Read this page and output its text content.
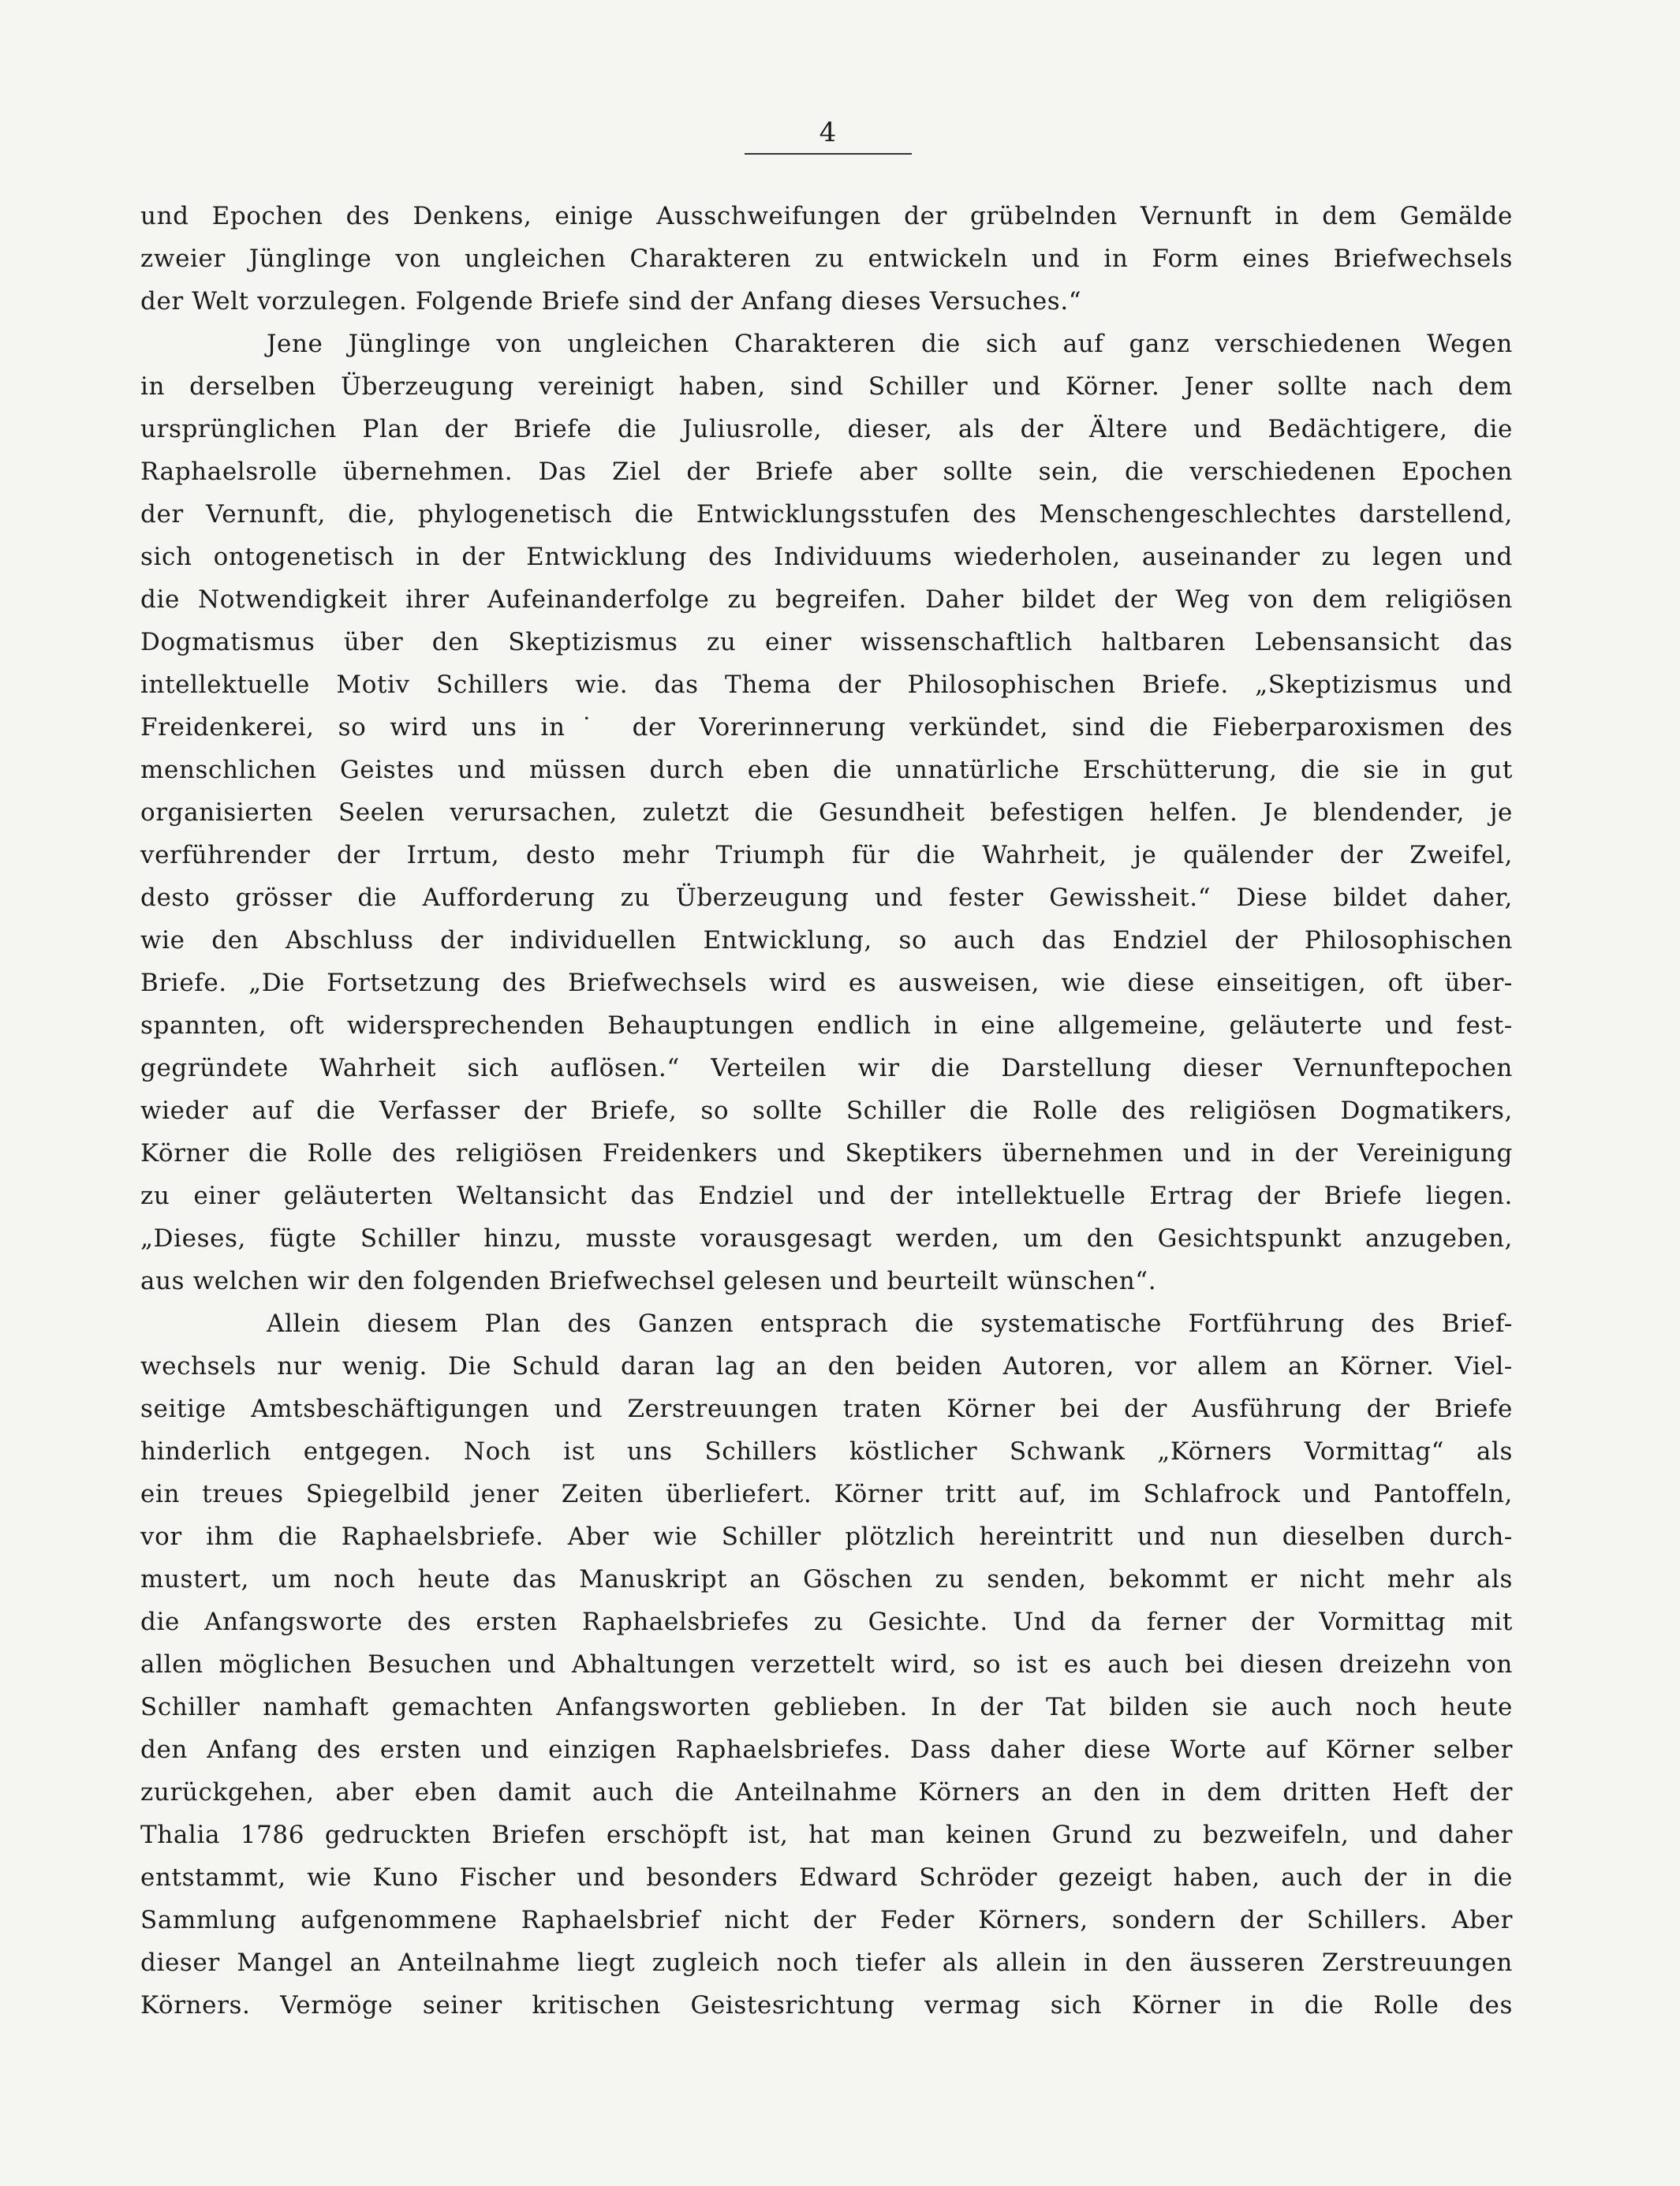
4
und Epochen des Denkens, einige Ausschweifungen der grübelnden Vernunft in dem Gemälde
zweier Jünglinge von ungleichen Charakteren zu entwickeln und in Form eines Briefwechsels
der Welt vorzulegen. Folgende Briefe sind der Anfang dieses Versuches.“
Jene Jünglinge von ungleichen Charakteren die sich auf ganz verschiedenen Wegen
in derselben Überzeugung vereinigt haben, sind Schiller und Körner. Jener sollte nach dem
ursprünglichen Plan der Briefe die Juliusrolle, dieser, als der Ältere und Bedächtigere, die
Raphaelsrolle übernehmen. Das Ziel der Briefe aber sollte sein, die verschiedenen Epochen
der Vernunft, die, phylogenetisch die Entwicklungsstufen des Menschengeschlechtes darstellend,
sich ontogenetisch in der Entwicklung des Individuums wiederholen, auseinander zu legen und
die Notwendigkeit ihrer Aufeinanderfolge zu begreifen. Daher bildet der Weg von dem religiösen
Dogmatismus über den Skeptizismus zu einer wissenschaftlich haltbaren Lebensansicht das
intellektuelle Motiv Schillers wie. das Thema der Philosophischen Briefe. „Skeptizismus und
Freidenkerei, so wird uns in˙ der Vorerinnerung verkündet, sind die Fieberparoxismen des
menschlichen Geistes und müssen durch eben die unnatürliche Erschütterung, die sie in gut
organisierten Seelen verursachen, zuletzt die Gesundheit befestigen helfen. Je blendender, je
verführender der Irrtum, desto mehr Triumph für die Wahrheit, je quälender der Zweifel,
desto grösser die Aufforderung zu Überzeugung und fester Gewissheit.“ Diese bildet daher,
wie den Abschluss der individuellen Entwicklung, so auch das Endziel der Philosophischen
Briefe. „Die Fortsetzung des Briefwechsels wird es ausweisen, wie diese einseitigen, oft über-
spannten, oft widersprechenden Behauptungen endlich in eine allgemeine, geläuterte und fest-
gegründete Wahrheit sich auflösen.“ Verteilen wir die Darstellung dieser Vernunftepochen
wieder auf die Verfasser der Briefe, so sollte Schiller die Rolle des religiösen Dogmatikers,
Körner die Rolle des religiösen Freidenkers und Skeptikers übernehmen und in der Vereinigung
zu einer geläuterten Weltansicht das Endziel und der intellektuelle Ertrag der Briefe liegen.
„Dieses, fügte Schiller hinzu, musste vorausgesagt werden, um den Gesichtspunkt anzugeben,
aus welchen wir den folgenden Briefwechsel gelesen und beurteilt wünschen“.
Allein diesem Plan des Ganzen entsprach die systematische Fortführung des Brief-
wechsels nur wenig. Die Schuld daran lag an den beiden Autoren, vor allem an Körner. Viel-
seitige Amtsbeschäftigungen und Zerstreuungen traten Körner bei der Ausführung der Briefe
hinderlich entgegen. Noch ist uns Schillers köstlicher Schwank „Körners Vormittag“ als
ein treues Spiegelbild jener Zeiten überliefert. Körner tritt auf, im Schlafrock und Pantoffeln,
vor ihm die Raphaelsbriefe. Aber wie Schiller plötzlich hereintritt und nun dieselben durch-
mustert, um noch heute das Manuskript an Göschen zu senden, bekommt er nicht mehr als
die Anfangsworte des ersten Raphaelsbriefes zu Gesichte. Und da ferner der Vormittag mit
allen möglichen Besuchen und Abhaltungen verzettelt wird, so ist es auch bei diesen dreizehn von
Schiller namhaft gemachten Anfangsworten geblieben. In der Tat bilden sie auch noch heute
den Anfang des ersten und einzigen Raphaelsbriefes. Dass daher diese Worte auf Körner selber
zurückgehen, aber eben damit auch die Anteilnahme Körners an den in dem dritten Heft der
Thalia 1786 gedruckten Briefen erschöpft ist, hat man keinen Grund zu bezweifeln, und daher
entstammt, wie Kuno Fischer und besonders Edward Schröder gezeigt haben, auch der in die
Sammlung aufgenommene Raphaelsbrief nicht der Feder Körners, sondern der Schillers. Aber
dieser Mangel an Anteilnahme liegt zugleich noch tiefer als allein in den äusseren Zerstreuungen
Körners. Vermöge seiner kritischen Geistesrichtung vermag sich Körner in die Rolle des
